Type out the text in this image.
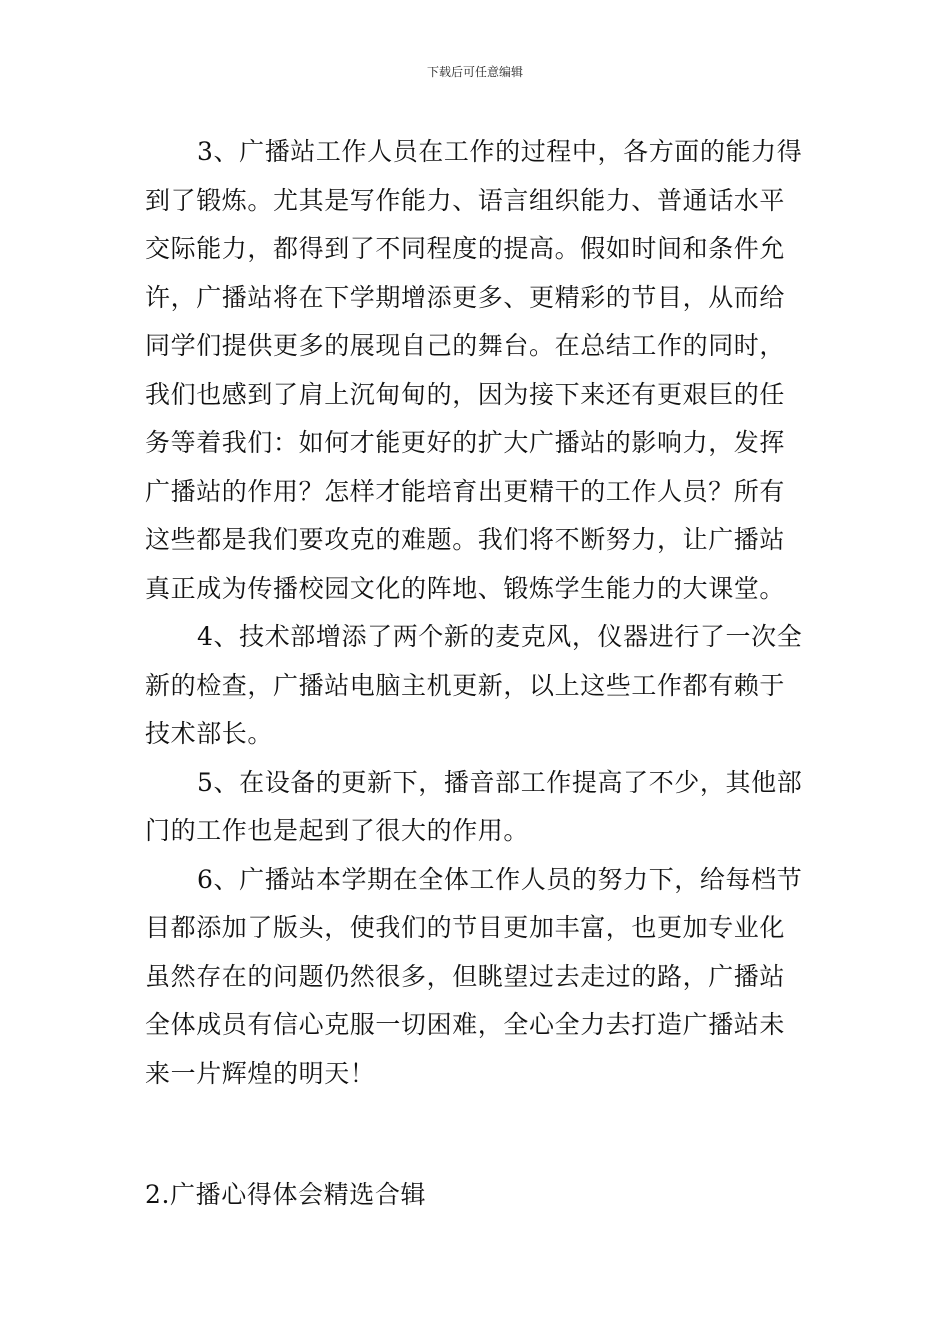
下载后可任意编辑
3、广播站工作人员在工作的过程中，各方面的能力得
到了锻炼。尤其是写作能力、语言组织能力、普通话水平
交际能力，都得到了不同程度的提高。假如时间和条件允
许，广播站将在下学期增添更多、更精彩的节目，从而给
同学们提供更多的展现自己的舞台。在总结工作的同时，
我们也感到了肩上沉甸甸的，因为接下来还有更艰巨的任
务等着我们：如何才能更好的扩大广播站的影响力，发挥
广播站的作用？怎样才能培育出更精干的工作人员？所有
这些都是我们要攻克的难题。我们将不断努力，让广播站
真正成为传播校园文化的阵地、锻炼学生能力的大课堂。
4、技术部增添了两个新的麦克风，仪器进行了一次全
新的检查，广播站电脑主机更新，以上这些工作都有赖于
技术部长。
5、在设备的更新下，播音部工作提高了不少，其他部
门的工作也是起到了很大的作用。
6、广播站本学期在全体工作人员的努力下，给每档节
目都添加了版头，使我们的节目更加丰富，也更加专业化
虽然存在的问题仍然很多，但眺望过去走过的路，广播站
全体成员有信心克服一切困难，全心全力去打造广播站未
来一片辉煌的明天！
2.广播心得体会精选合辑
